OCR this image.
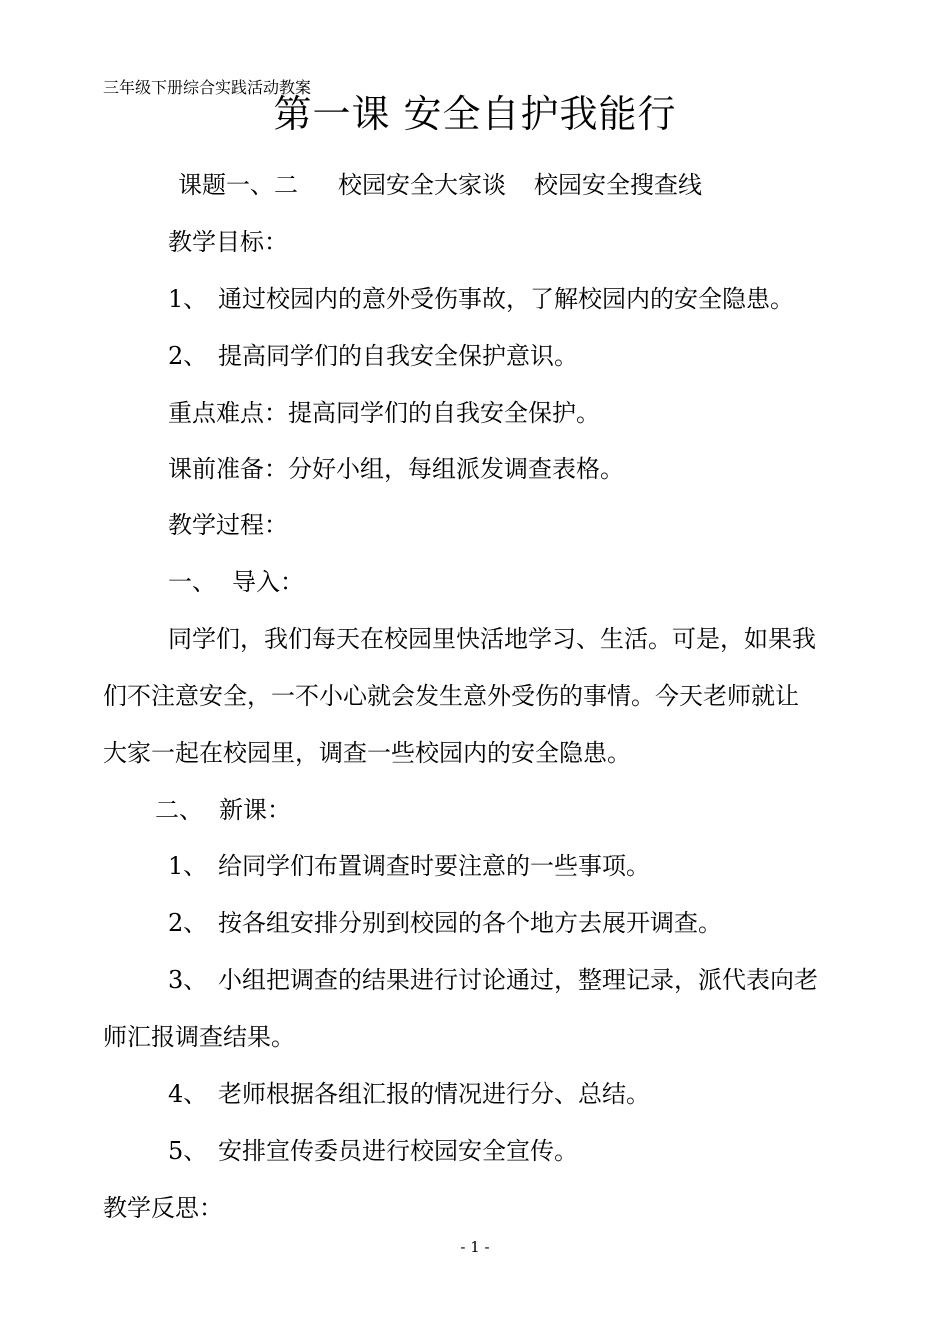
三年级下册综合实践活动教案
第一课 安全自护我能行
课题一、二 校园安全大家谈 校园安全搜查线
教学目标：
1、 通过校园内的意外受伤事故，了解校园内的安全隐患。
2、 提高同学们的自我安全保护意识。
重点难点：提高同学们的自我安全保护。
课前准备：分好小组，每组派发调查表格。
教学过程：
一、 导入：
同学们，我们每天在校园里快活地学习、生活。可是，如果我
们不注意安全，一不小心就会发生意外受伤的事情。今天老师就让
大家一起在校园里，调查一些校园内的安全隐患。
二、 新课：
1、 给同学们布置调查时要注意的一些事项。
2、 按各组安排分别到校园的各个地方去展开调查。
3、 小组把调查的结果进行讨论通过，整理记录，派代表向老
师汇报调查结果。
4、 老师根据各组汇报的情况进行分、总结。
5、 安排宣传委员进行校园安全宣传。
教学反思：
- 1 -
